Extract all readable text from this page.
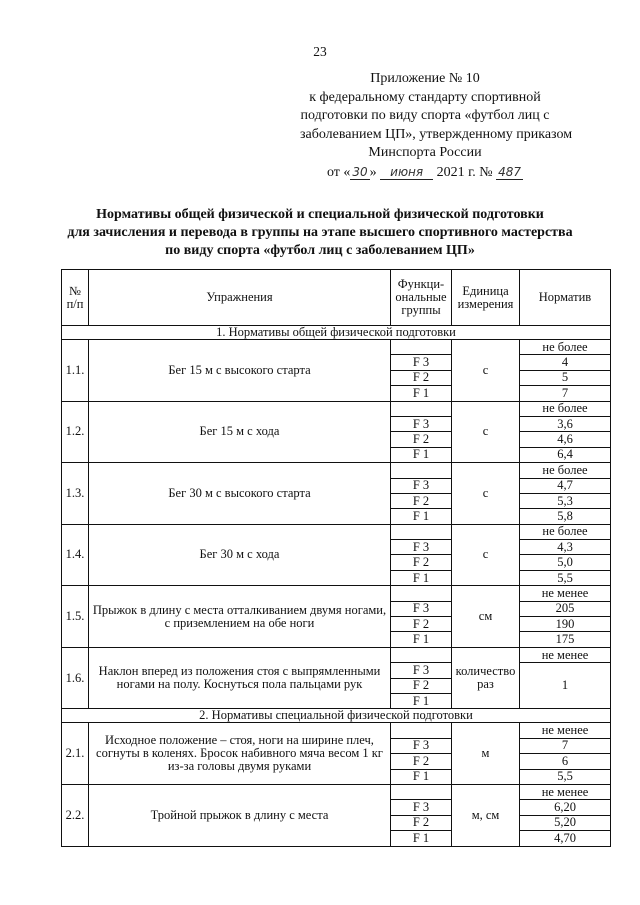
23
Приложение № 10
к федеральному стандарту спортивной
подготовки по виду спорта «футбол лиц с
заболеванием ЦП», утвержденному приказом
Минспорта России
от « 30 » июня 2021 г. № 487
Нормативы общей физической и специальной физической подготовки
для зачисления и перевода в группы на этапе высшего спортивного мастерства
по виду спорта «футбол лиц с заболеванием ЦП»
№ п/п	Упражнения	Функци-ональные группы	Единица измерения	Норматив
1. Нормативы общей физической подготовки				
1.1.	Бег 15 м с высокого старта		с	не более
		F 3		4
		F 2		5
		F 1		7
1.2.	Бег 15 м с хода		с	не более
		F 3		3,6
		F 2		4,6
		F 1		6,4
1.3.	Бег 30 м с высокого старта		с	не более
		F 3		4,7
		F 2		5,3
		F 1		5,8
1.4.	Бег 30 м с хода		с	не более
		F 3		4,3
		F 2		5,0
		F 1		5,5
1.5.	Прыжок в длину с места отталкиванием двумя ногами, с приземлением на обе ноги		см	не менее
		F 3		205
		F 2		190
		F 1		175
1.6.	Наклон вперед из положения стоя с выпрямленными ногами на полу. Коснуться пола пальцами рук		количество раз	не менее
		F 3		1
		F 2		
		F 1		
2. Нормативы специальной физической подготовки				
2.1.	Исходное положение – стоя, ноги на ширине плеч, согнуты в коленях. Бросок набивного мяча весом 1 кг из-за головы двумя руками		м	не менее
		F 3		7
		F 2		6
		F 1		5,5
2.2.	Тройной прыжок в длину с места		м, см	не менее
		F 3		6,20
		F 2		5,20
		F 1		4,70
